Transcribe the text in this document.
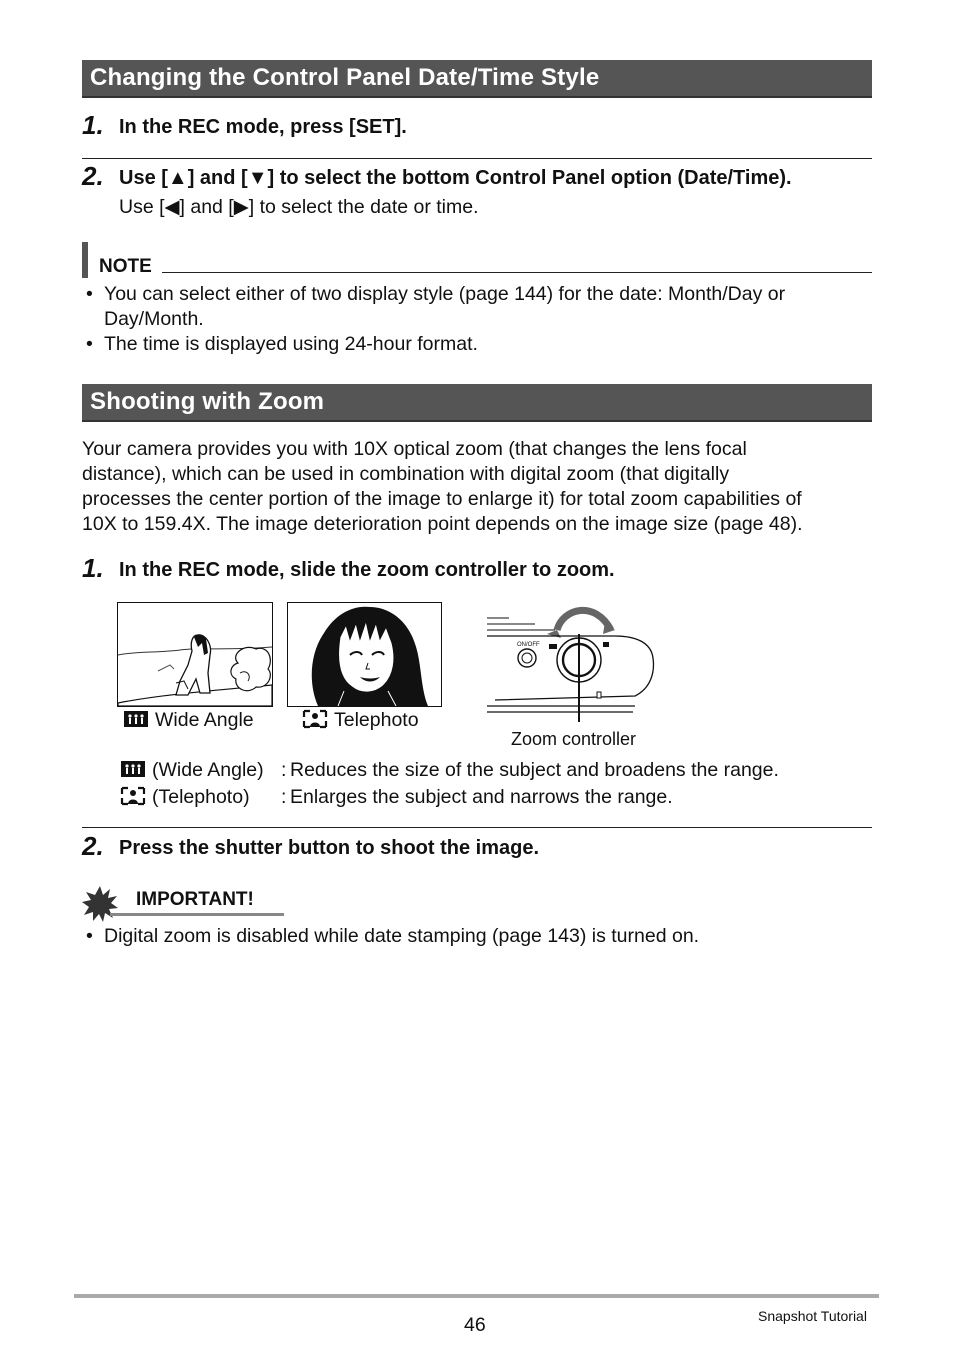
Changing the Control Panel Date/Time Style
1. In the REC mode, press [SET].
2. Use [▲] and [▼] to select the bottom Control Panel option (Date/Time).
Use [◀] and [▶] to select the date or time.
NOTE
• You can select either of two display style (page 144) for the date: Month/Day or
Day/Month.
• The time is displayed using 24-hour format.
Shooting with Zoom
Your camera provides you with 10X optical zoom (that changes the lens focal
distance), which can be used in combination with digital zoom (that digitally
processes the center portion of the image to enlarge it) for total zoom capabilities of
10X to 159.4X. The image deterioration point depends on the image size (page 48).
1. In the REC mode, slide the zoom controller to zoom.
Wide Angle	Telephoto
ON/OFF
Zoom controller
(Wide Angle) : Reduces the size of the subject and broadens the range.
(Telephoto) : Enlarges the subject and narrows the range.
2. Press the shutter button to shoot the image.
IMPORTANT!
• Digital zoom is disabled while date stamping (page 143) is turned on.
46	Snapshot Tutorial
